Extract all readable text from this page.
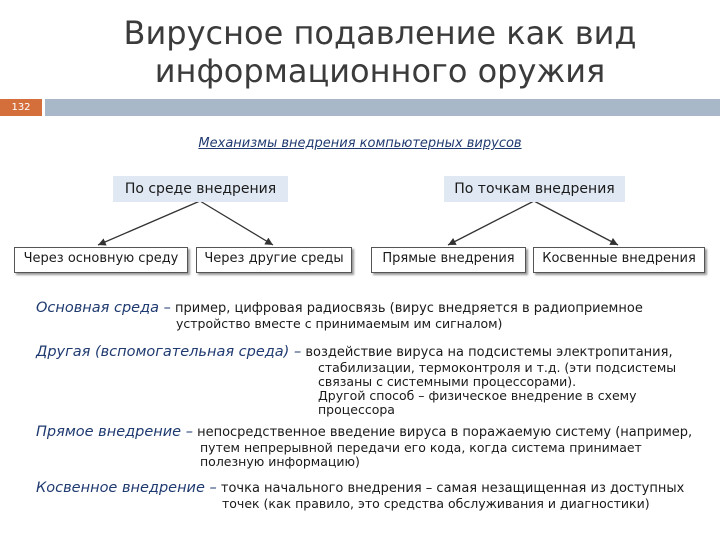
Вирусное подавление как вид
информационного оружия
132
Механизмы внедрения компьютерных вирусов
По среде внедрения	По точкам внедрения
Через основную среду	Через другие среды	Прямые внедрения	Косвенные внедрения
Основная среда – пример, цифровая радиосвязь (вирус внедряется в радиоприемное
устройство вместе с принимаемым им сигналом)
Другая (вспомогательная среда) – воздействие вируса на подсистемы электропитания,
стабилизации, термоконтроля и т.д. (эти подсистемы
связаны с системными процессорами).
Другой способ – физическое внедрение в схему
процессора
Прямое внедрение – непосредственное введение вируса в поражаемую систему (например,
путем непрерывной передачи его кода, когда система принимает
полезную информацию)
Косвенное внедрение – точка начального внедрения – самая незащищенная из доступных
точек (как правило, это средства обслуживания и диагностики)
